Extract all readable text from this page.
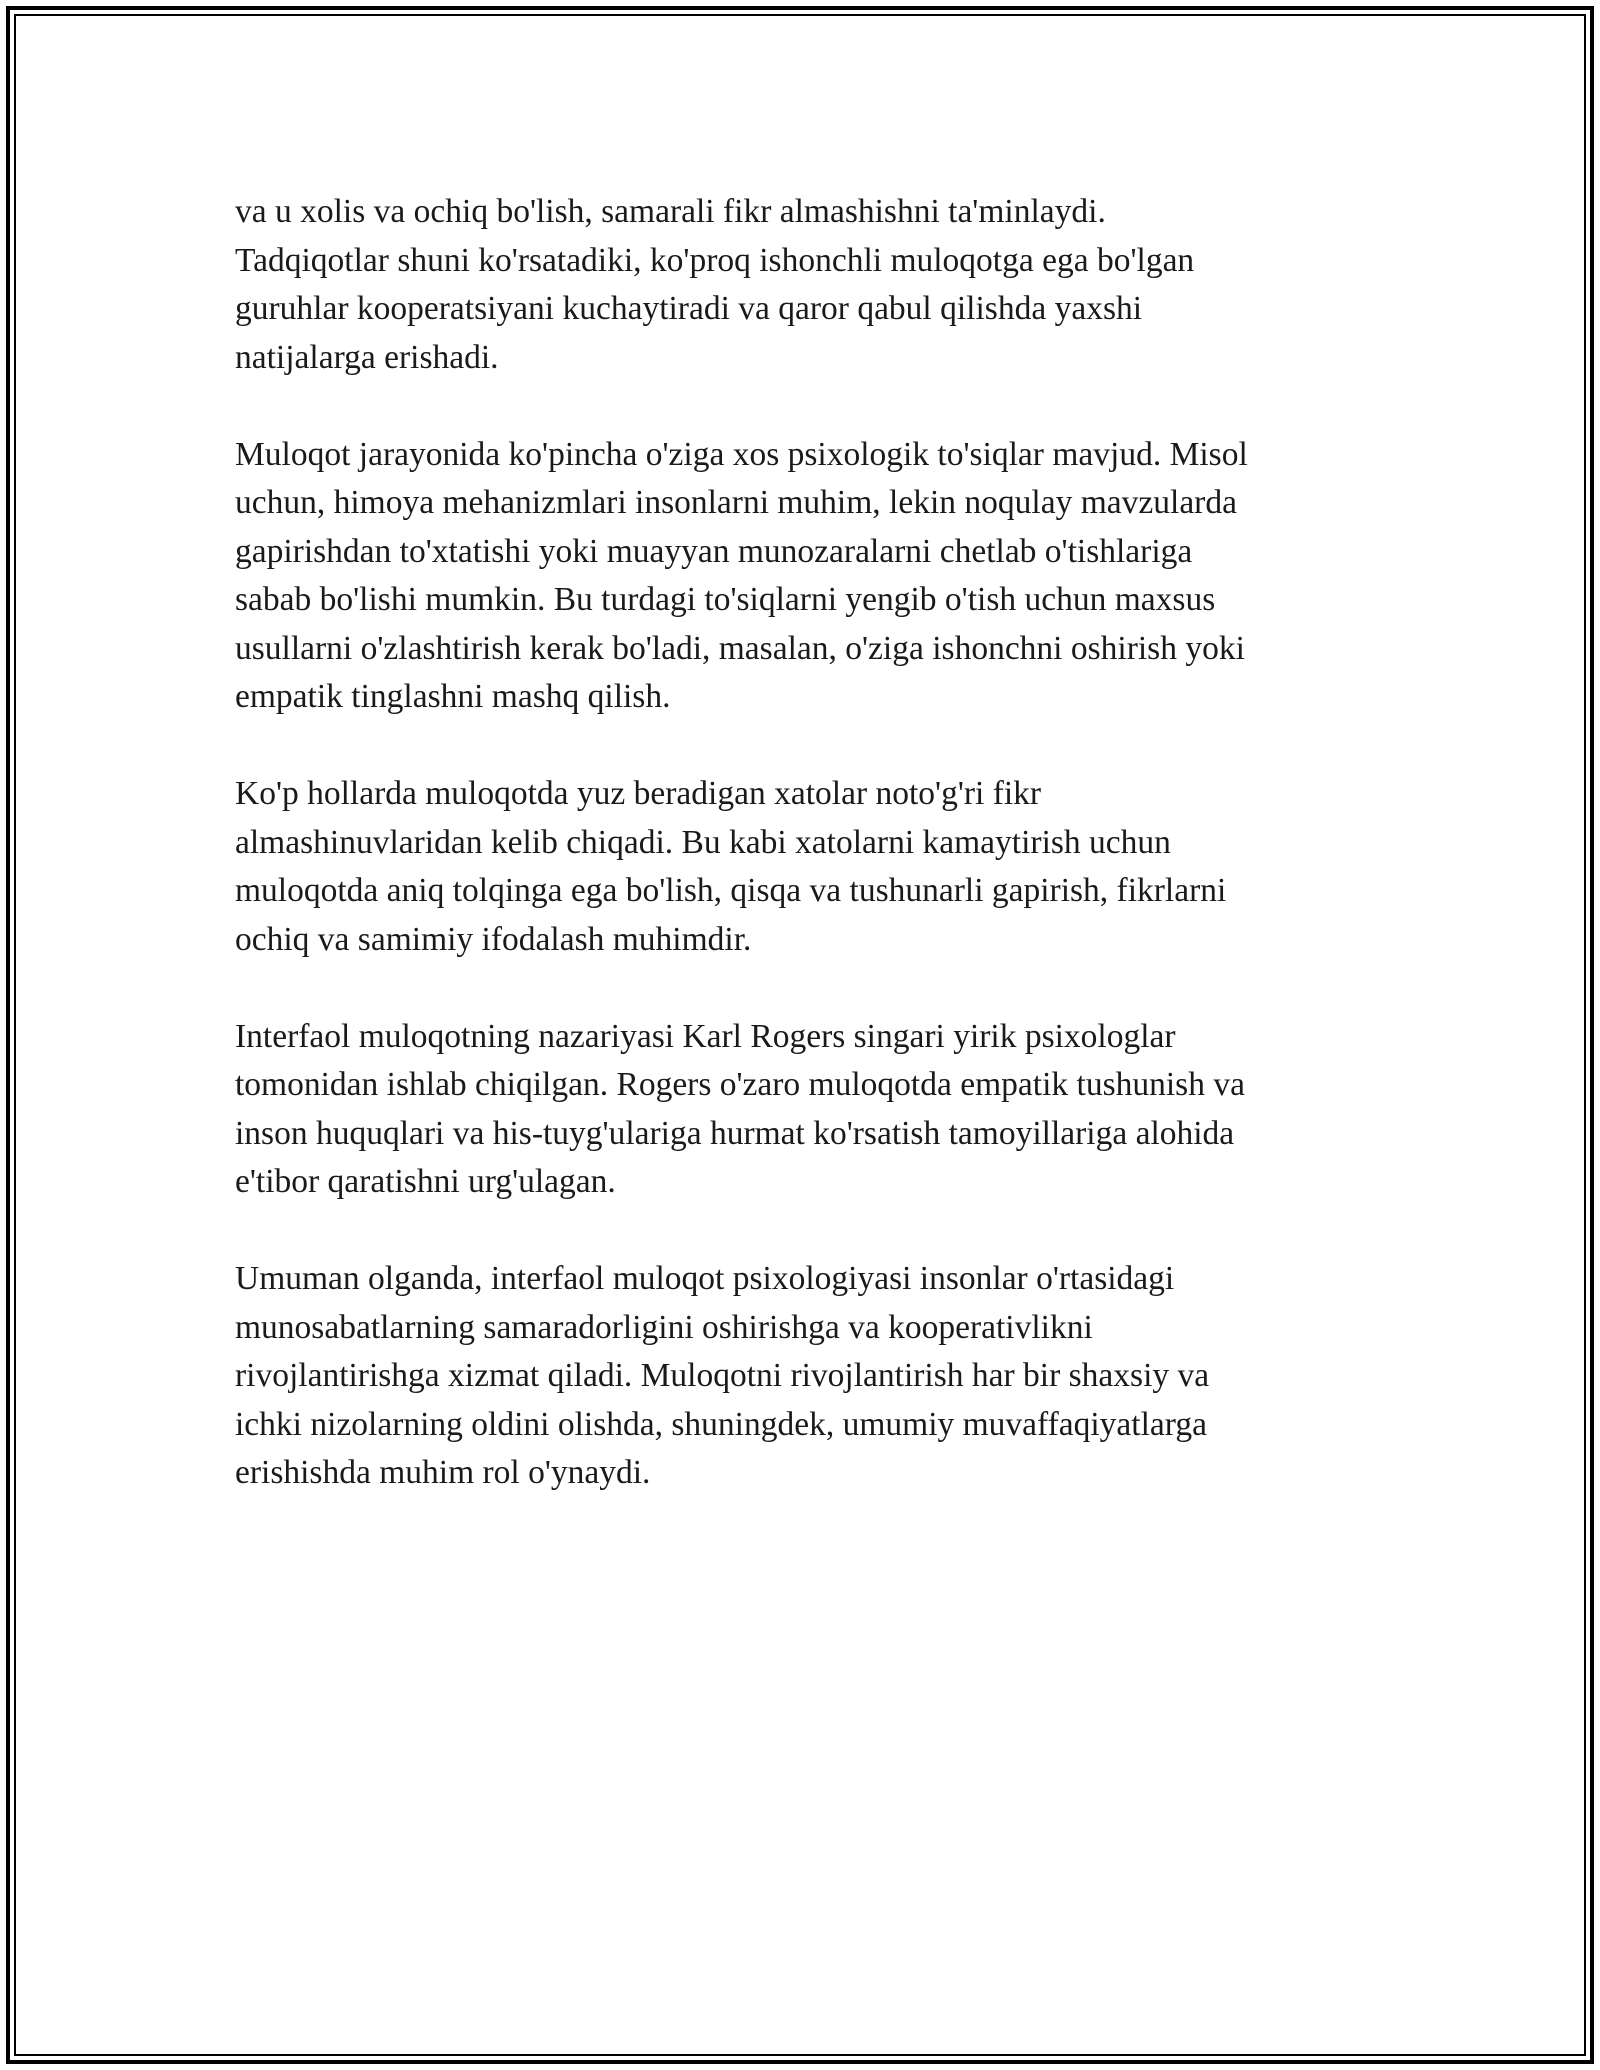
va u xolis va ochiq bo'lish, samarali fikr almashishni ta'minlaydi.
Tadqiqotlar shuni ko'rsatadiki, ko'proq ishonchli muloqotga ega bo'lgan
guruhlar kooperatsiyani kuchaytiradi va qaror qabul qilishda yaxshi
natijalarga erishadi.

Muloqot jarayonida ko'pincha o'ziga xos psixologik to'siqlar mavjud. Misol
uchun, himoya mehanizmlari insonlarni muhim, lekin noqulay mavzularda
gapirishdan to'xtatishi yoki muayyan munozaralarni chetlab o'tishlariga
sabab bo'lishi mumkin. Bu turdagi to'siqlarni yengib o'tish uchun maxsus
usullarni o'zlashtirish kerak bo'ladi, masalan, o'ziga ishonchni oshirish yoki
empatik tinglashni mashq qilish.

Ko'p hollarda muloqotda yuz beradigan xatolar noto'g'ri fikr
almashinuvlaridan kelib chiqadi. Bu kabi xatolarni kamaytirish uchun
muloqotda aniq tolqinga ega bo'lish, qisqa va tushunarli gapirish, fikrlarni
ochiq va samimiy ifodalash muhimdir.

Interfaol muloqotning nazariyasi Karl Rogers singari yirik psixologlar
tomonidan ishlab chiqilgan. Rogers o'zaro muloqotda empatik tushunish va
inson huquqlari va his-tuyg'ulariga hurmat ko'rsatish tamoyillariga alohida
e'tibor qaratishni urg'ulagan.

Umuman olganda, interfaol muloqot psixologiyasi insonlar o'rtasidagi
munosabatlarning samaradorligini oshirishga va kooperativlikni
rivojlantirishga xizmat qiladi. Muloqotni rivojlantirish har bir shaxsiy va
ichki nizolarning oldini olishda, shuningdek, umumiy muvaffaqiyatlarga
erishishda muhim rol o'ynaydi.
